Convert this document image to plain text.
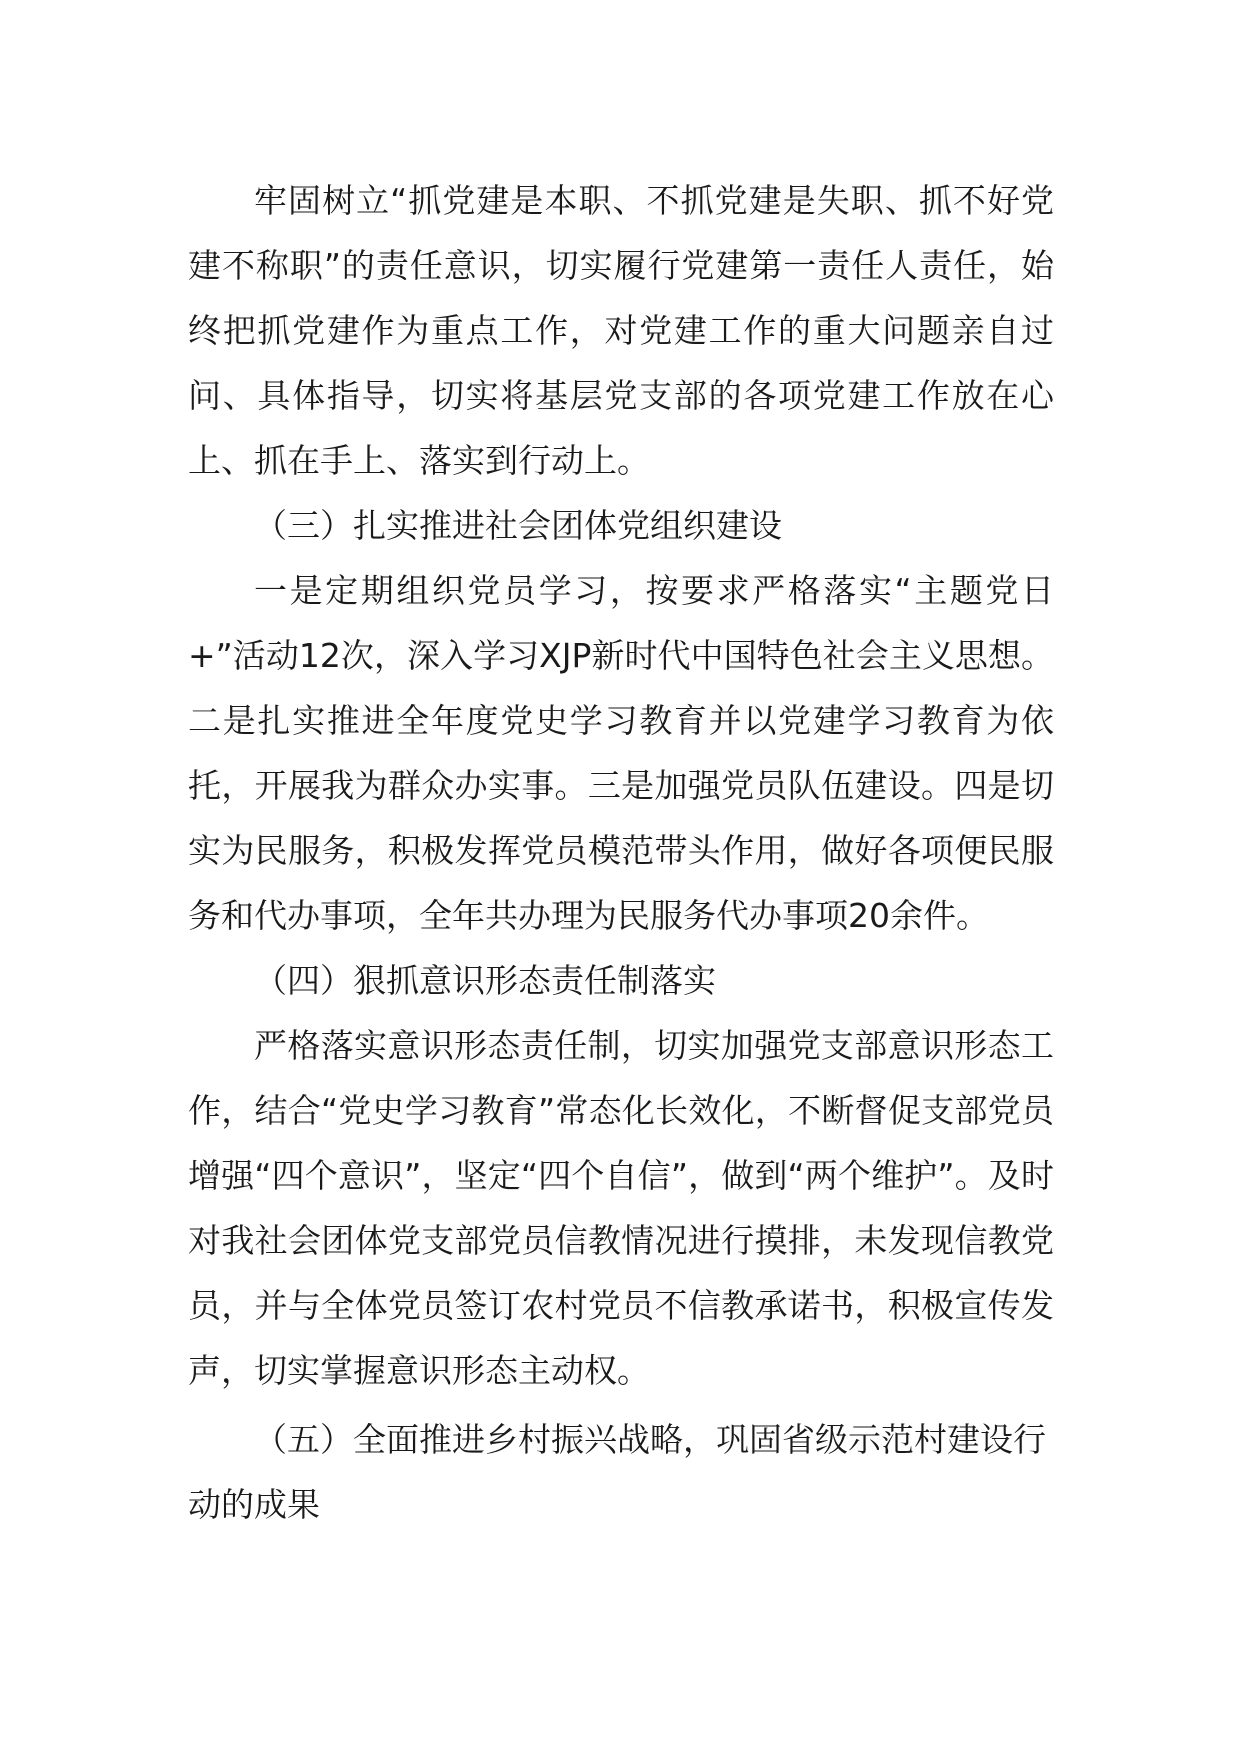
牢固树立“抓党建是本职、不抓党建是失职、抓不好党建不称职”的责任意识，切实履行党建第一责任人责任，始终把抓党建作为重点工作，对党建工作的重大问题亲自过问、具体指导，切实将基层党支部的各项党建工作放在心上、抓在手上、落实到行动上。

（三）扎实推进社会团体党组织建设

一是定期组织党员学习，按要求严格落实“主题党日+”活动12次，深入学习XJP新时代中国特色社会主义思想。二是扎实推进全年度党史学习教育并以党建学习教育为依托，开展我为群众办实事。三是加强党员队伍建设。四是切实为民服务，积极发挥党员模范带头作用，做好各项便民服务和代办事项，全年共办理为民服务代办事项20余件。

（四）狠抓意识形态责任制落实

严格落实意识形态责任制，切实加强党支部意识形态工作，结合“党史学习教育”常态化长效化，不断督促支部党员增强“四个意识”，坚定“四个自信”，做到“两个维护”。及时对我社会团体党支部党员信教情况进行摸排，未发现信教党员，并与全体党员签订农村党员不信教承诺书，积极宣传发声，切实掌握意识形态主动权。

（五）全面推进乡村振兴战略，巩固省级示范村建设行动的成果
